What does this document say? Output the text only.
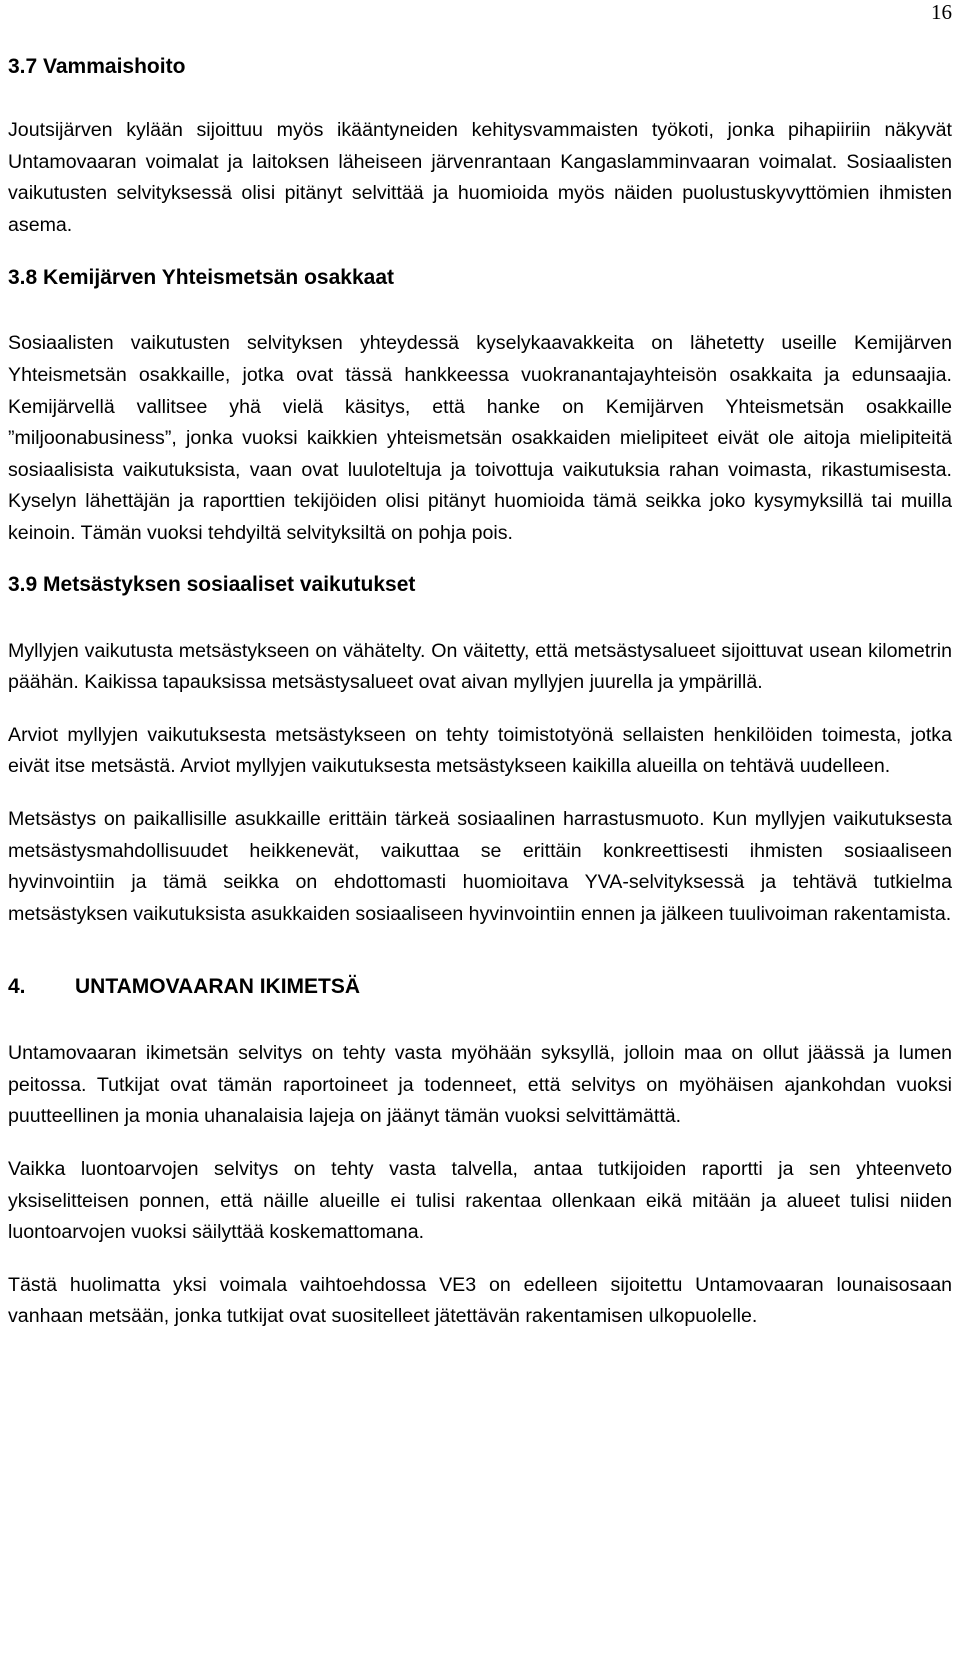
16
3.7 Vammaishoito

Joutsijärven kylään sijoittuu myös ikääntyneiden kehitysvammaisten työkoti, jonka pihapiiriin näkyvät Untamovaaran voimalat ja laitoksen läheiseen järvenrantaan Kangaslamminvaaran voimalat. Sosiaalisten vaikutusten selvityksessä olisi pitänyt selvittää ja huomioida myös näiden puolustuskyvyttömien ihmisten asema.

3.8 Kemijärven Yhteismetsän osakkaat

Sosiaalisten vaikutusten selvityksen yhteydessä kyselykaavakkeita on lähetetty useille Kemijärven Yhteismetsän osakkaille, jotka ovat tässä hankkeessa vuokranantajayhteisön osakkaita ja edunsaajia. Kemijärvellä vallitsee yhä vielä käsitys, että hanke on Kemijärven Yhteismetsän osakkaille ”miljoonabusiness”, jonka vuoksi kaikkien yhteismetsän osakkaiden mielipiteet eivät ole aitoja mielipiteitä sosiaalisista vaikutuksista, vaan ovat luuloteltuja ja toivottuja vaikutuksia rahan voimasta, rikastumisesta. Kyselyn lähettäjän ja raporttien tekijöiden olisi pitänyt huomioida tämä seikka joko kysymyksillä tai muilla keinoin. Tämän vuoksi tehdyiltä selvityksiltä on pohja pois.

3.9 Metsästyksen sosiaaliset vaikutukset

Myllyjen vaikutusta metsästykseen on vähätelty. On väitetty, että metsästysalueet sijoittuvat usean kilometrin päähän. Kaikissa tapauksissa metsästysalueet ovat aivan myllyjen juurella ja ympärillä.

Arviot myllyjen vaikutuksesta metsästykseen on tehty toimistotyönä sellaisten henkilöiden toimesta, jotka eivät itse metsästä. Arviot myllyjen vaikutuksesta metsästykseen kaikilla alueilla on tehtävä uudelleen.

Metsästys on paikallisille asukkaille erittäin tärkeä sosiaalinen harrastusmuoto. Kun myllyjen vaikutuksesta metsästysmahdollisuudet heikkenevät, vaikuttaa se erittäin konkreettisesti ihmisten sosiaaliseen hyvinvointiin ja tämä seikka on ehdottomasti huomioitava YVA-selvityksessä ja tehtävä tutkielma metsästyksen vaikutuksista asukkaiden sosiaaliseen hyvinvointiin ennen ja jälkeen tuulivoiman rakentamista.

4.	UNTAMOVAARAN IKIMETSÄ

Untamovaaran ikimetsän selvitys on tehty vasta myöhään syksyllä, jolloin maa on ollut jäässä ja lumen peitossa. Tutkijat ovat tämän raportoineet ja todenneet, että selvitys on myöhäisen ajankohdan vuoksi puutteellinen ja monia uhanalaisia lajeja on jäänyt tämän vuoksi selvittämättä.

Vaikka luontoarvojen selvitys on tehty vasta talvella, antaa tutkijoiden raportti ja sen yhteenveto yksiselitteisen ponnen, että näille alueille ei tulisi rakentaa ollenkaan eikä mitään ja alueet tulisi niiden luontoarvojen vuoksi säilyttää koskemattomana.

Tästä huolimatta yksi voimala vaihtoehdossa VE3 on edelleen sijoitettu Untamovaaran lounaisosaan vanhaan metsään, jonka tutkijat ovat suositelleet jätettävän rakentamisen ulkopuolelle.
